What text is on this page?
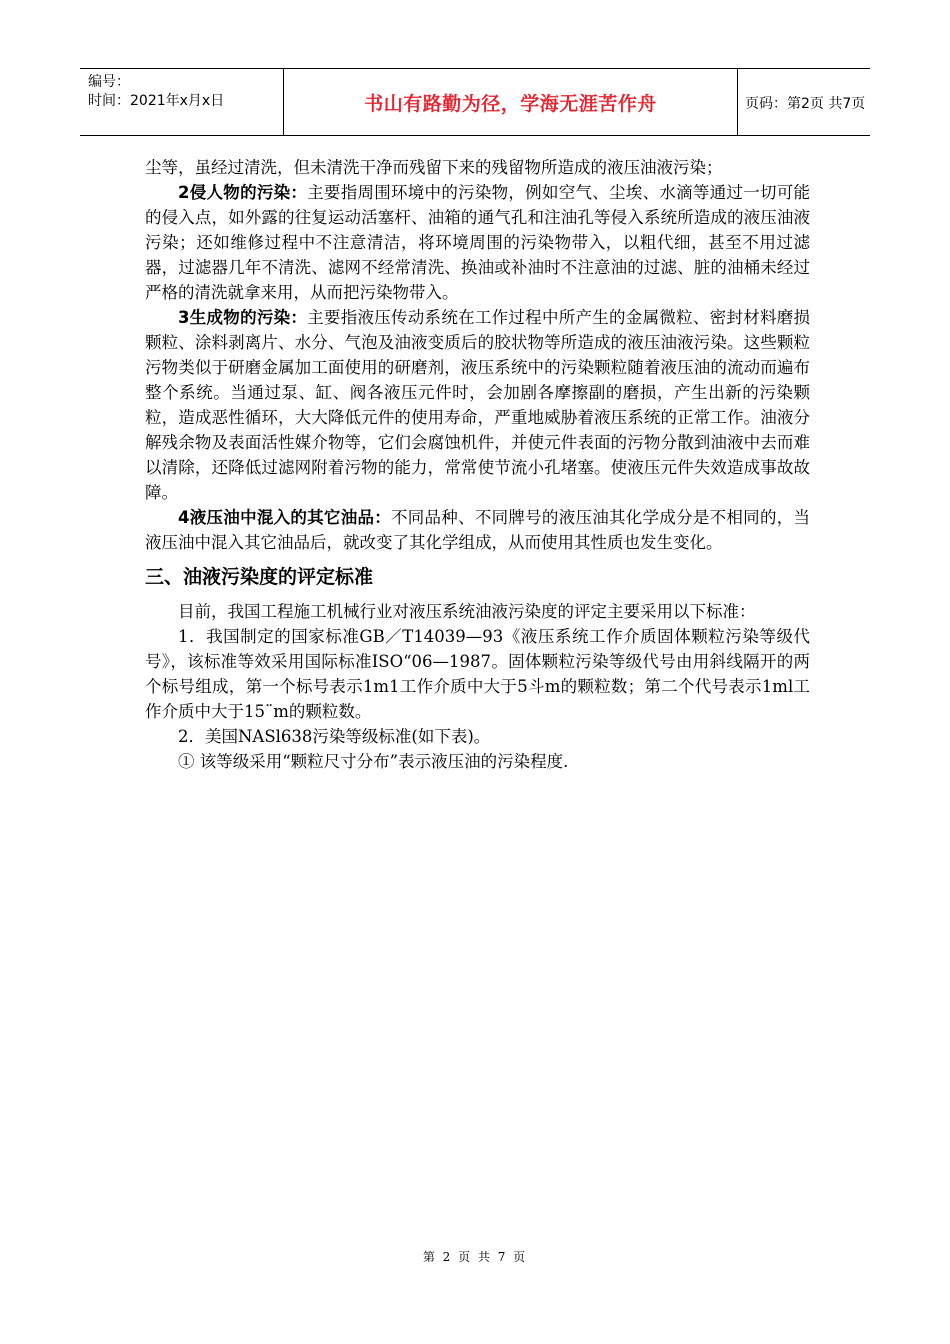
编号：
时间：2021年x月x日	书山有路勤为径，学海无涯苦作舟	页码：第2页 共7页

尘等，虽经过清洗，但未清洗干净而残留下来的残留物所造成的液压油液污染；

2侵人物的污染：主要指周围环境中的污染物，例如空气、尘埃、水滴等通过一切可能的侵入点，如外露的往复运动活塞杆、油箱的通气孔和注油孔等侵入系统所造成的液压油液污染；还如维修过程中不注意清洁，将环境周围的污染物带入，以粗代细，甚至不用过滤器，过滤器几年不清洗、滤网不经常清洗、换油或补油时不注意油的过滤、脏的油桶未经过严格的清洗就拿来用，从而把污染物带入。

3生成物的污染：主要指液压传动系统在工作过程中所产生的金属微粒、密封材料磨损颗粒、涂料剥离片、水分、气泡及油液变质后的胶状物等所造成的液压油液污染。这些颗粒污物类似于研磨金属加工面使用的研磨剂，液压系统中的污染颗粒随着液压油的流动而遍布整个系统。当通过泵、缸、阀各液压元件时，会加剧各摩擦副的磨损，产生出新的污染颗粒，造成恶性循环，大大降低元件的使用寿命，严重地威胁着液压系统的正常工作。油液分解残余物及表面活性媒介物等，它们会腐蚀机件，并使元件表面的污物分散到油液中去而难以清除，还降低过滤网附着污物的能力，常常使节流小孔堵塞。使液压元件失效造成事故故障。

4液压油中混入的其它油品：不同品种、不同牌号的液压油其化学成分是不相同的，当液压油中混入其它油品后，就改变了其化学组成，从而使用其性质也发生变化。

三、油液污染度的评定标准

目前，我国工程施工机械行业对液压系统油液污染度的评定主要采用以下标准：

1．我国制定的国家标准GB／T14039—93《液压系统工作介质固体颗粒污染等级代号》，该标准等效采用国际标准ISO“06—1987。固体颗粒污染等级代号由用斜线隔开的两个标号组成，第一个标号表示1m1工作介质中大于5斗m的颗粒数；第二个代号表示1ml工作介质中大于15¨m的颗粒数。

2．美国NASl638污染等级标准(如下表)。

① 该等级采用“颗粒尺寸分布”表示液压油的污染程度.

第 2 页 共 7 页
